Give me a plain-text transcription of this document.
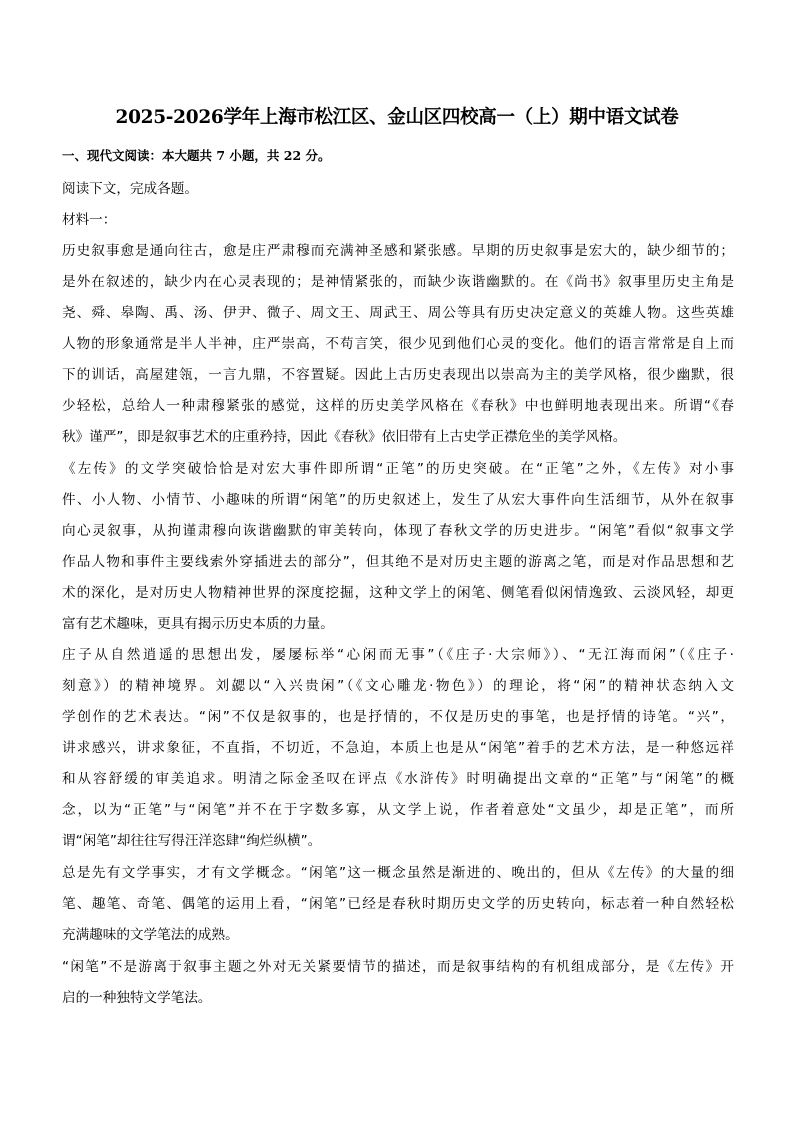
2025-2026学年上海市松江区、金山区四校高一（上）期中语文试卷

一、现代文阅读：本大题共 7 小题，共 22 分。

阅读下文，完成各题。

材料一：

历史叙事愈是通向往古，愈是庄严肃穆而充满神圣感和紧张感。早期的历史叙事是宏大的，缺少细节的；

是外在叙述的，缺少内在心灵表现的；是神情紧张的，而缺少诙谐幽默的。在《尚书》叙事里历史主角是

尧、舜、皋陶、禹、汤、伊尹、微子、周文王、周武王、周公等具有历史决定意义的英雄人物。这些英雄

人物的形象通常是半人半神，庄严崇高，不苟言笑，很少见到他们心灵的变化。他们的语言常常是自上而

下的训话，高屋建瓴，一言九鼎，不容置疑。因此上古历史表现出以崇高为主的美学风格，很少幽默，很

少轻松，总给人一种肃穆紧张的感觉，这样的历史美学风格在《春秋》中也鲜明地表现出来。所谓“《春

秋》谨严”，即是叙事艺术的庄重矜持，因此《春秋》依旧带有上古史学正襟危坐的美学风格。

《左传》的文学突破恰恰是对宏大事件即所谓“正笔”的历史突破。在“正笔”之外，《左传》对小事

件、小人物、小情节、小趣味的所谓“闲笔”的历史叙述上，发生了从宏大事件向生活细节，从外在叙事

向心灵叙事，从拘谨肃穆向诙谐幽默的审美转向，体现了春秋文学的历史进步。“闲笔”看似“叙事文学

作品人物和事件主要线索外穿插进去的部分”，但其绝不是对历史主题的游离之笔，而是对作品思想和艺

术的深化，是对历史人物精神世界的深度挖掘，这种文学上的闲笔、侧笔看似闲情逸致、云淡风轻，却更

富有艺术趣味，更具有揭示历史本质的力量。

庄子从自然逍遥的思想出发，屡屡标举“心闲而无事”（《庄子·大宗师》）、“无江海而闲”（《庄子·

刻意》）的精神境界。刘勰以“入兴贵闲”（《文心雕龙·物色》）的理论，将“闲”的精神状态纳入文

学创作的艺术表达。“闲”不仅是叙事的，也是抒情的，不仅是历史的事笔，也是抒情的诗笔。“兴”，

讲求感兴，讲求象征，不直指，不切近，不急迫，本质上也是从“闲笔”着手的艺术方法，是一种悠远祥

和从容舒缓的审美追求。明清之际金圣叹在评点《水浒传》时明确提出文章的“正笔”与“闲笔”的概

念，以为“正笔”与“闲笔”并不在于字数多寡，从文学上说，作者着意处“文虽少，却是正笔”，而所

谓“闲笔”却往往写得汪洋恣肆“绚烂纵横”。

总是先有文学事实，才有文学概念。“闲笔”这一概念虽然是渐进的、晚出的，但从《左传》的大量的细

笔、趣笔、奇笔、偶笔的运用上看，“闲笔”已经是春秋时期历史文学的历史转向，标志着一种自然轻松

充满趣味的文学笔法的成熟。

“闲笔”不是游离于叙事主题之外对无关紧要情节的描述，而是叙事结构的有机组成部分，是《左传》开

启的一种独特文学笔法。
